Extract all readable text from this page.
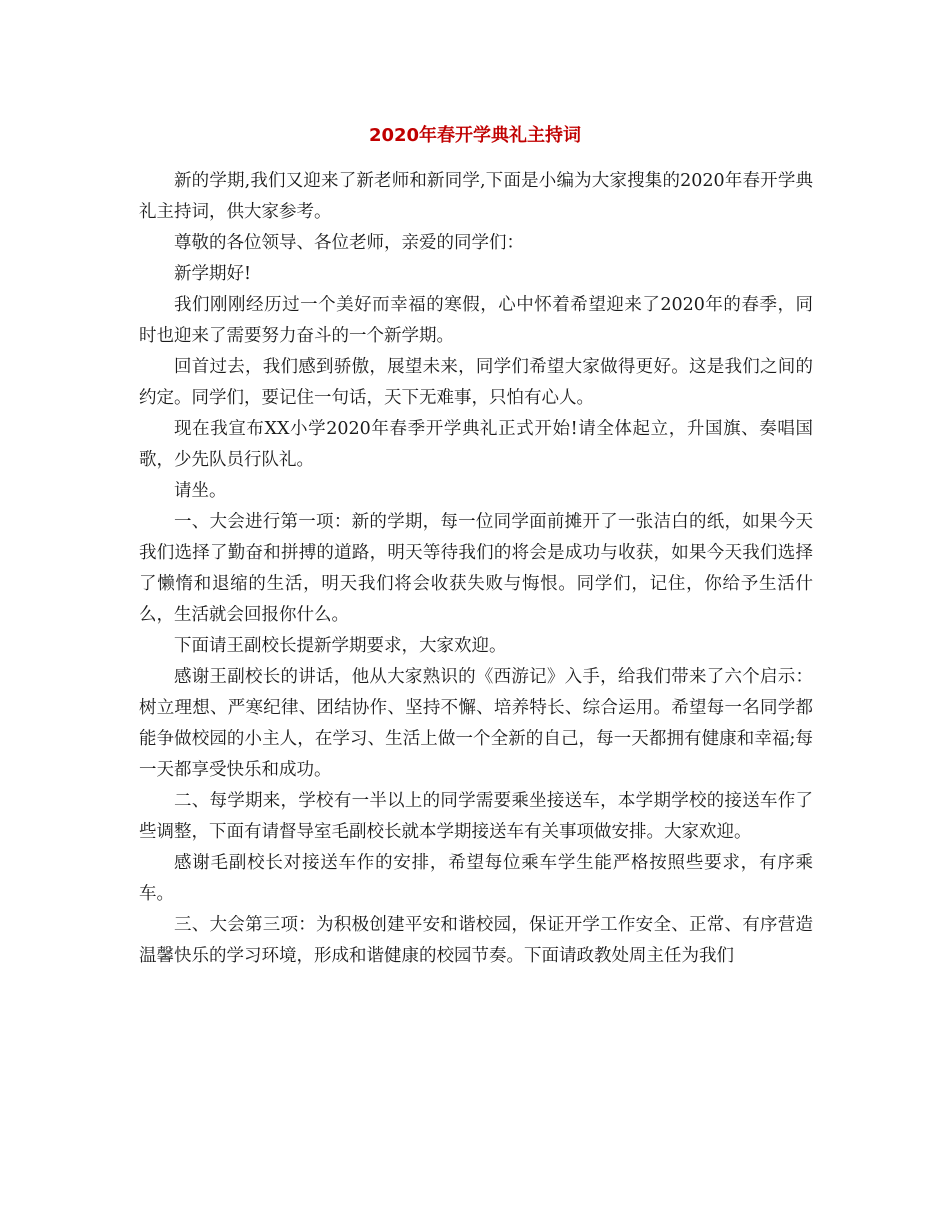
2020年春开学典礼主持词

新的学期,我们又迎来了新老师和新同学,下面是小编为大家搜集的2020年春开学典礼主持词，供大家参考。

尊敬的各位领导、各位老师，亲爱的同学们：

新学期好!

我们刚刚经历过一个美好而幸福的寒假，心中怀着希望迎来了2020年的春季，同时也迎来了需要努力奋斗的一个新学期。

回首过去，我们感到骄傲，展望未来，同学们希望大家做得更好。这是我们之间的约定。同学们，要记住一句话，天下无难事，只怕有心人。

现在我宣布XX小学2020年春季开学典礼正式开始!请全体起立，升国旗、奏唱国歌，少先队员行队礼。

请坐。

一、大会进行第一项：新的学期，每一位同学面前摊开了一张洁白的纸，如果今天我们选择了勤奋和拼搏的道路，明天等待我们的将会是成功与收获，如果今天我们选择了懒惰和退缩的生活，明天我们将会收获失败与悔恨。同学们，记住，你给予生活什么，生活就会回报你什么。

下面请王副校长提新学期要求，大家欢迎。

感谢王副校长的讲话，他从大家熟识的《西游记》入手，给我们带来了六个启示：树立理想、严寒纪律、团结协作、坚持不懈、培养特长、综合运用。希望每一名同学都能争做校园的小主人，在学习、生活上做一个全新的自己，每一天都拥有健康和幸福;每一天都享受快乐和成功。

二、每学期来，学校有一半以上的同学需要乘坐接送车，本学期学校的接送车作了些调整，下面有请督导室毛副校长就本学期接送车有关事项做安排。大家欢迎。

感谢毛副校长对接送车作的安排，希望每位乘车学生能严格按照些要求，有序乘车。

三、大会第三项：为积极创建平安和谐校园，保证开学工作安全、正常、有序营造温馨快乐的学习环境，形成和谐健康的校园节奏。下面请政教处周主任为我们
